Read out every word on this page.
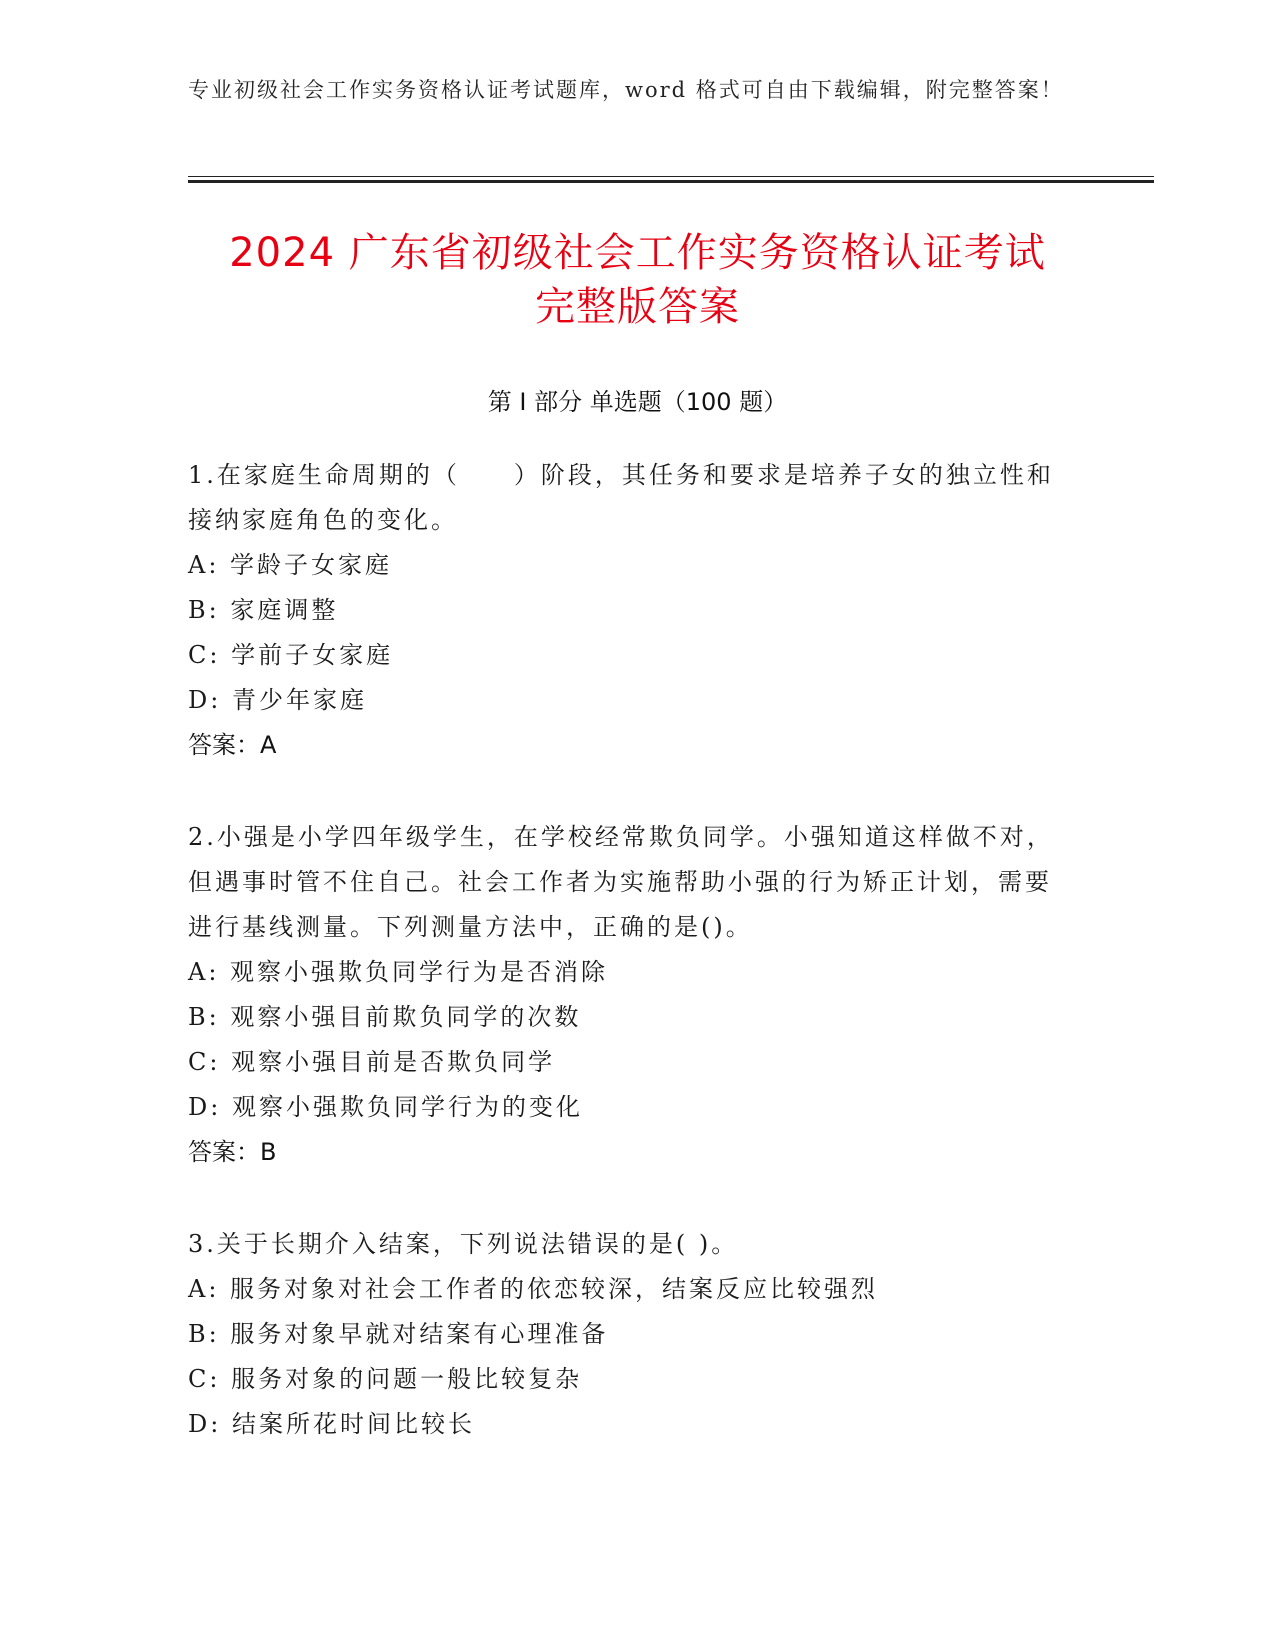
专业初级社会工作实务资格认证考试题库，word 格式可自由下载编辑，附完整答案！
2024 广东省初级社会工作实务资格认证考试
完整版答案
第 I 部分 单选题（100 题）
1.在家庭生命周期的（　　）阶段，其任务和要求是培养子女的独立性和接纳家庭角色的变化。
A: 学龄子女家庭
B: 家庭调整
C: 学前子女家庭
D: 青少年家庭
答案：A
2.小强是小学四年级学生，在学校经常欺负同学。小强知道这样做不对，但遇事时管不住自己。社会工作者为实施帮助小强的行为矫正计划，需要进行基线测量。下列测量方法中，正确的是()。
A: 观察小强欺负同学行为是否消除
B: 观察小强目前欺负同学的次数
C: 观察小强目前是否欺负同学
D: 观察小强欺负同学行为的变化
答案：B
3.关于长期介入结案，下列说法错误的是( )。
A: 服务对象对社会工作者的依恋较深，结案反应比较强烈
B: 服务对象早就对结案有心理准备
C: 服务对象的问题一般比较复杂
D: 结案所花时间比较长
